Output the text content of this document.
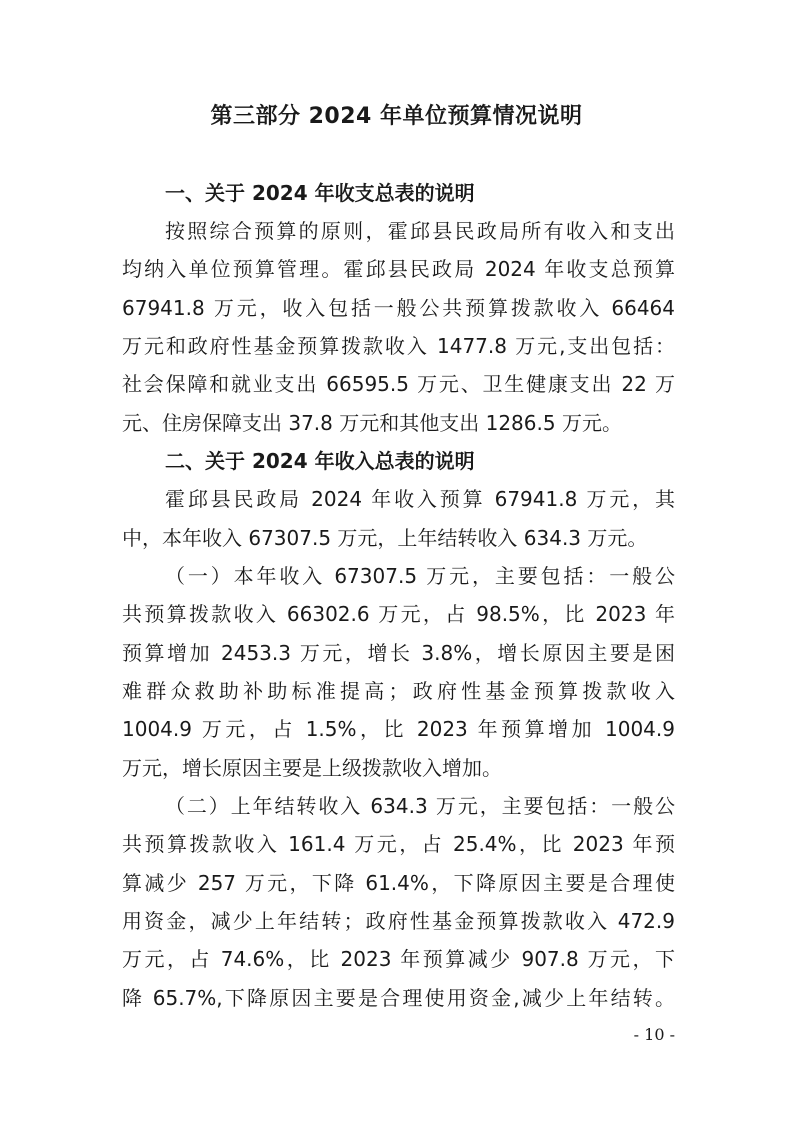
第三部分 2024 年单位预算情况说明
一、关于 2024 年收支总表的说明
按照综合预算的原则，霍邱县民政局所有收入和支出
均纳入单位预算管理。霍邱县民政局 2024 年收支总预算
67941.8 万元，收入包括一般公共预算拨款收入 66464
万元和政府性基金预算拨款收入 1477.8 万元,支出包括：
社会保障和就业支出 66595.5 万元、卫生健康支出 22 万
元、住房保障支出 37.8 万元和其他支出 1286.5 万元。
二、关于 2024 年收入总表的说明
霍邱县民政局 2024 年收入预算 67941.8 万元，其
中，本年收入 67307.5 万元，上年结转收入 634.3 万元。
（一）本年收入 67307.5 万元，主要包括：一般公
共预算拨款收入 66302.6 万元，占 98.5%，比 2023 年
预算增加 2453.3 万元，增长 3.8%，增长原因主要是困
难群众救助补助标准提高；政府性基金预算拨款收入
1004.9 万元，占 1.5%，比 2023 年预算增加 1004.9
万元，增长原因主要是上级拨款收入增加。
（二）上年结转收入 634.3 万元，主要包括：一般公
共预算拨款收入 161.4 万元，占 25.4%，比 2023 年预
算减少 257 万元，下降 61.4%，下降原因主要是合理使
用资金，减少上年结转；政府性基金预算拨款收入 472.9
万元，占 74.6%，比 2023 年预算减少 907.8 万元，下
降 65.7%,下降原因主要是合理使用资金,减少上年结转。
- 10 -
